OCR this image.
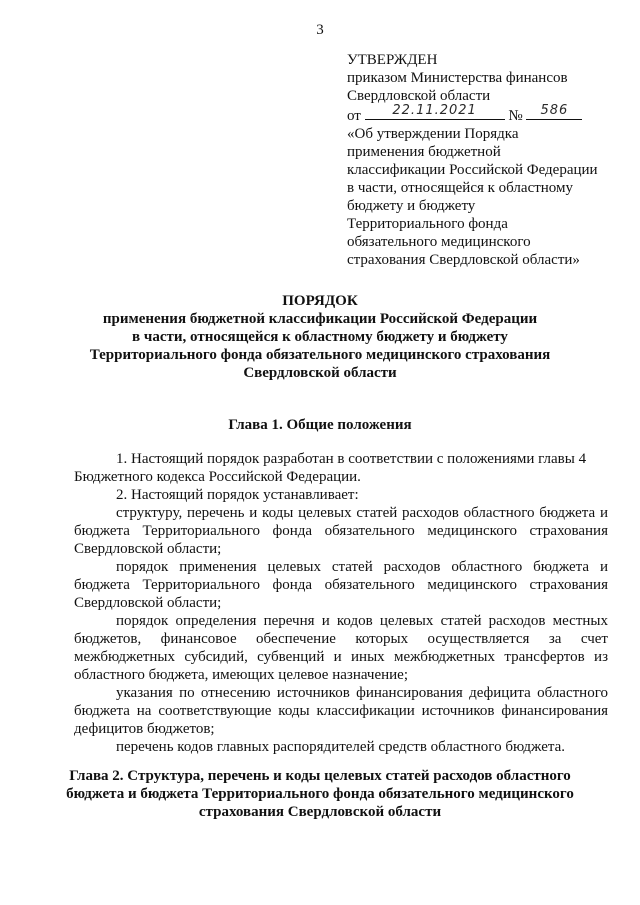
3
УТВЕРЖДЕН
приказом Министерства финансов
Свердловской области
от	22.11.2021	№	586
«Об утверждении Порядка
применения бюджетной
классификации Российской Федерации
в части, относящейся к областному
бюджету и бюджету
Территориального фонда
обязательного медицинского
страхования Свердловской области»
ПОРЯДОК
применения бюджетной классификации Российской Федерации
в части, относящейся к областному бюджету и бюджету
Территориального фонда обязательного медицинского страхования
Свердловской области
Глава 1. Общие положения

1. Настоящий порядок разработан в соответствии с положениями главы 4

Бюджетного кодекса Российской Федерации.

2. Настоящий порядок устанавливает:

структуру, перечень и коды целевых статей расходов областного бюджета и бюджета Территориального фонда обязательного медицинского страхования Свердловской области;

порядок применения целевых статей расходов областного бюджета и бюджета Территориального фонда обязательного медицинского страхования Свердловской области;

порядок определения перечня и кодов целевых статей расходов местных бюджетов, финансовое обеспечение которых осуществляется за счет межбюджетных субсидий, субвенций и иных межбюджетных трансфертов из областного бюджета, имеющих целевое назначение;

указания по отнесению источников финансирования дефицита областного бюджета на соответствующие коды классификации источников финансирования дефицитов бюджетов;

перечень кодов главных распорядителей средств областного бюджета.

Глава 2. Структура, перечень и коды целевых статей расходов областного
бюджета и бюджета Территориального фонда обязательного медицинского
страхования Свердловской области
